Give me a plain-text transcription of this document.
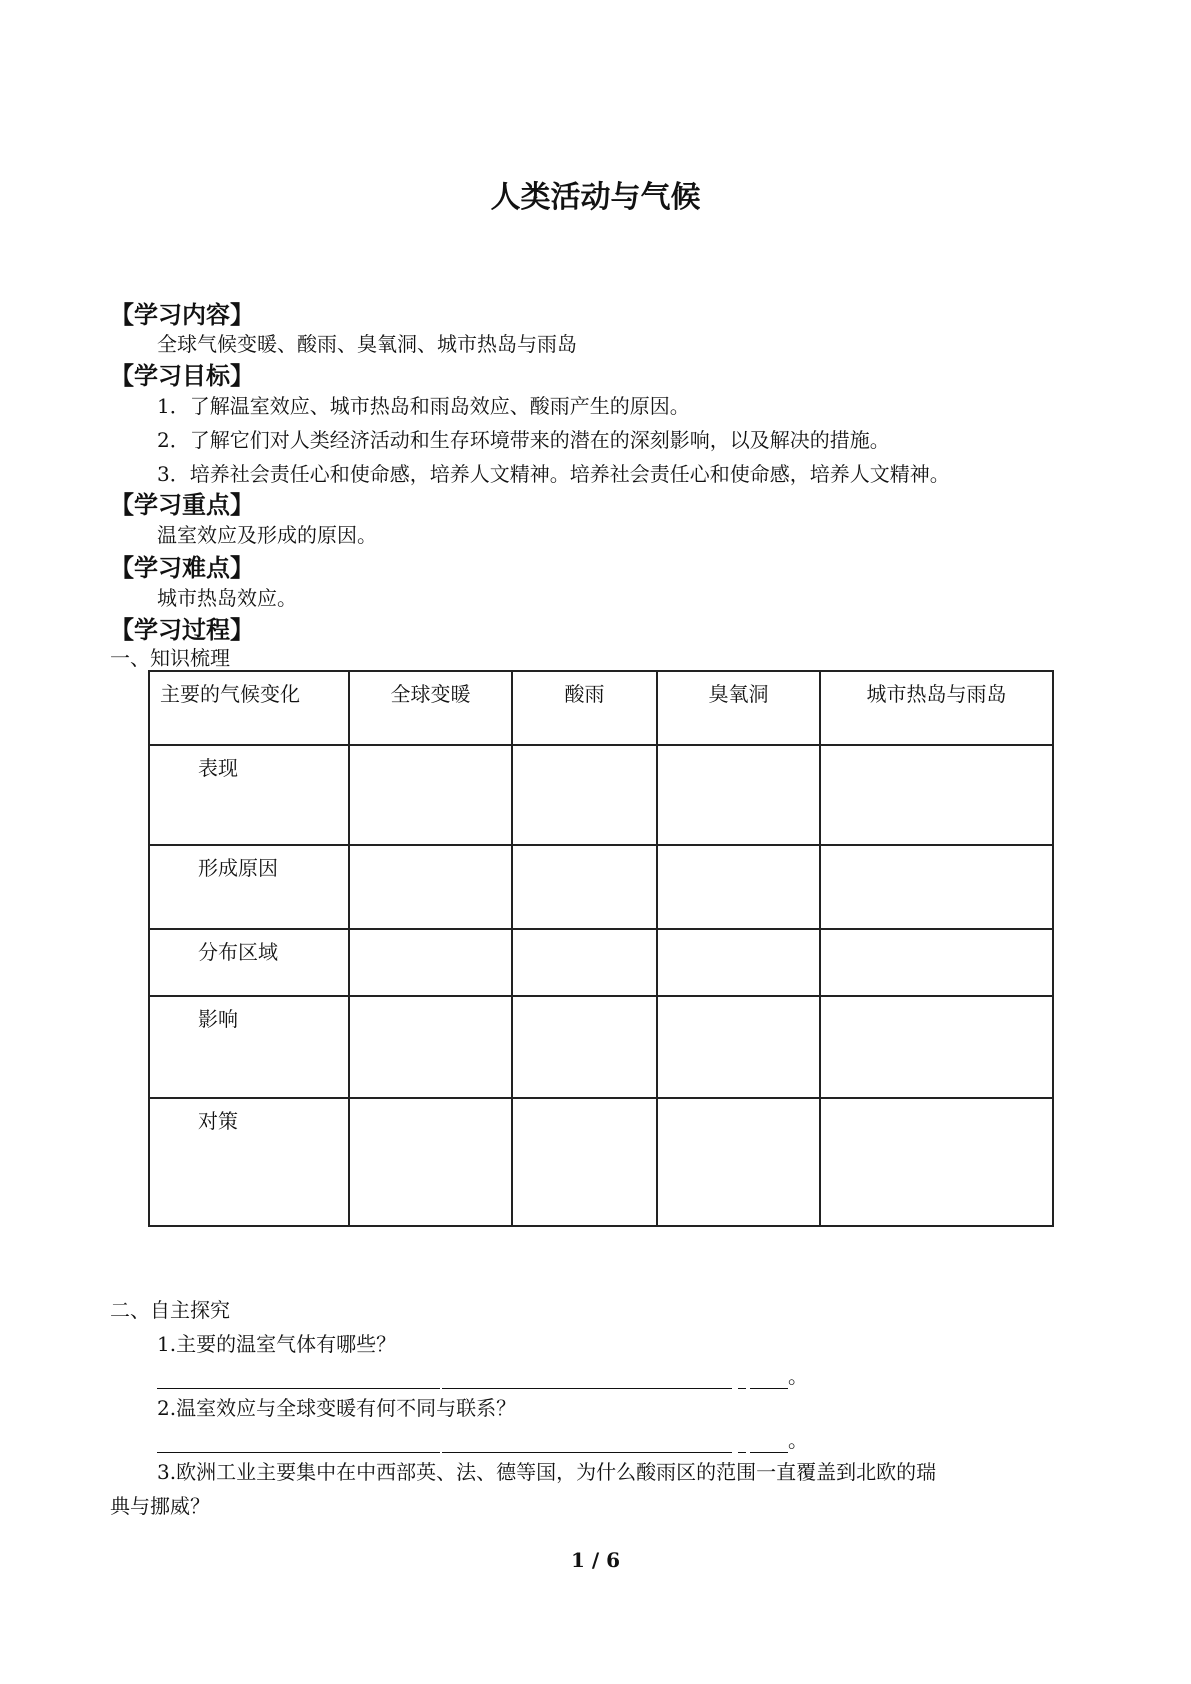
人类活动与气候
【学习内容】
全球气候变暖、酸雨、臭氧洞、城市热岛与雨岛
【学习目标】
1．了解温室效应、城市热岛和雨岛效应、酸雨产生的原因。
2．了解它们对人类经济活动和生存环境带来的潜在的深刻影响，以及解决的措施。
3．培养社会责任心和使命感，培养人文精神。培养社会责任心和使命感，培养人文精神。
【学习重点】
温室效应及形成的原因。
【学习难点】
城市热岛效应。
【学习过程】
一、知识梳理
主要的气候变化	全球变暖	酸雨	臭氧洞	城市热岛与雨岛
表现				
形成原因				
分布区域				
影响				
对策				
二、自主探究
1.主要的温室气体有哪些？
。
2.温室效应与全球变暖有何不同与联系？
。
3.欧洲工业主要集中在中西部英、法、德等国，为什么酸雨区的范围一直覆盖到北欧的瑞
典与挪威？
1 / 6
